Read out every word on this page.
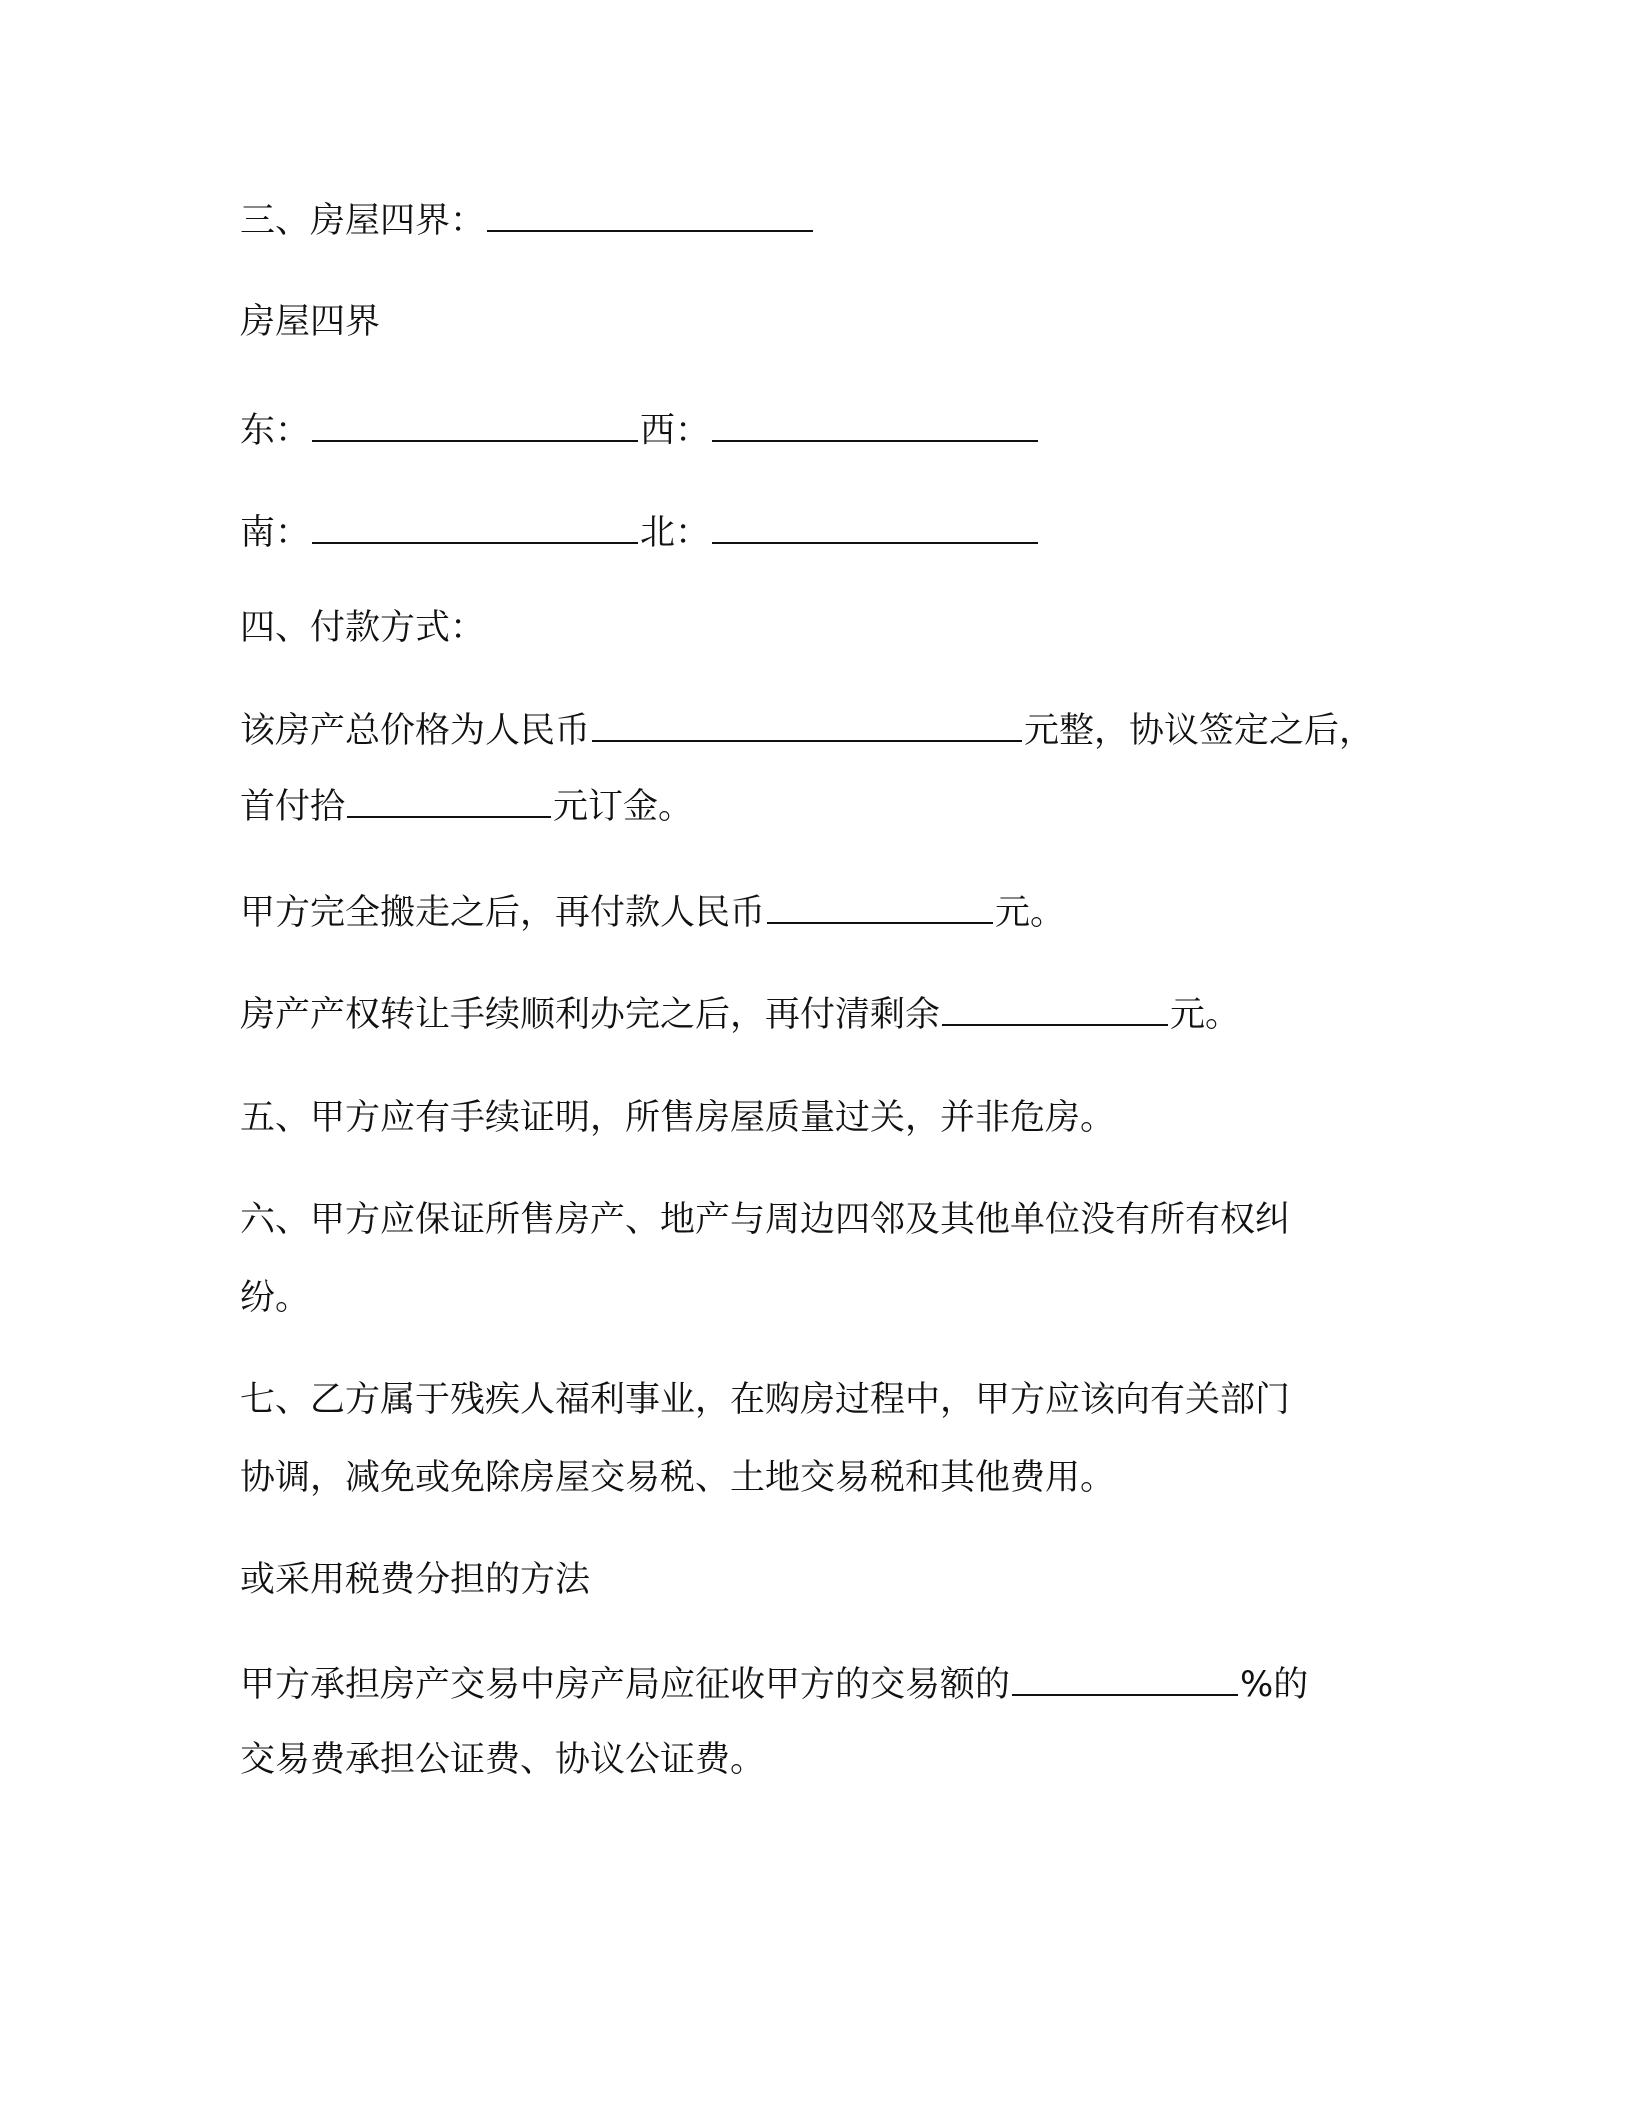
三、房屋四界：
房屋四界
东：	西：
南：	北：
四、付款方式：
该房产总价格为人民币	元整，协议签定之后，
首付拾	元订金。
甲方完全搬走之后，再付款人民币	元。
房产产权转让手续顺利办完之后，再付清剩余	元。
五、甲方应有手续证明，所售房屋质量过关，并非危房。
六、甲方应保证所售房产、地产与周边四邻及其他单位没有所有权纠
纷。
七、乙方属于残疾人福利事业，在购房过程中，甲方应该向有关部门
协调，减免或免除房屋交易税、土地交易税和其他费用。
或采用税费分担的方法
甲方承担房产交易中房产局应征收甲方的交易额的	%的
交易费承担公证费、协议公证费。
